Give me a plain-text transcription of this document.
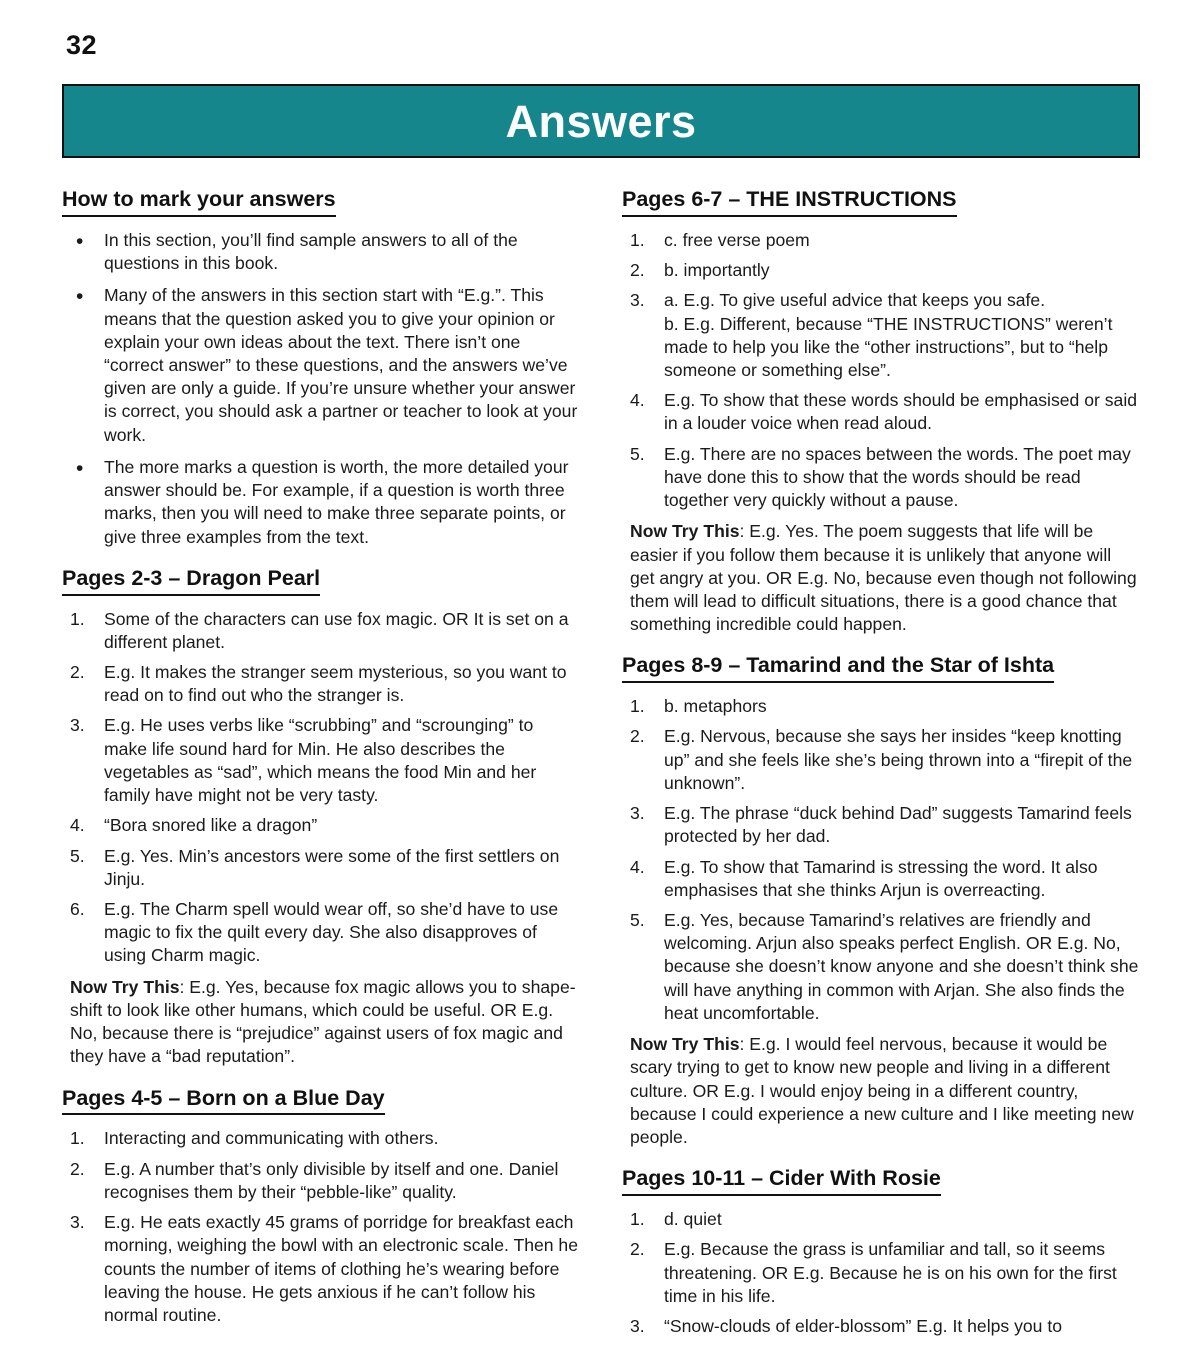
32
Answers
How to mark your answers
• In this section, you’ll find sample answers to all of the questions in this book.
• Many of the answers in this section start with “E.g.”. This means that the question asked you to give your opinion or explain your own ideas about the text. There isn’t one “correct answer” to these questions, and the answers we’ve given are only a guide. If you’re unsure whether your answer is correct, you should ask a partner or teacher to look at your work.
• The more marks a question is worth, the more detailed your answer should be. For example, if a question is worth three marks, then you will need to make three separate points, or give three examples from the text.
Pages 2-3 – Dragon Pearl
1.	Some of the characters can use fox magic. OR It is set on a different planet.
2.	E.g. It makes the stranger seem mysterious, so you want to read on to find out who the stranger is.
3.	E.g. He uses verbs like “scrubbing” and “scrounging” to make life sound hard for Min. He also describes the vegetables as “sad”, which means the food Min and her family have might not be very tasty.
4.	“Bora snored like a dragon”
5.	E.g. Yes. Min’s ancestors were some of the first settlers on Jinju.
6.	E.g. The Charm spell would wear off, so she’d have to use magic to fix the quilt every day. She also disapproves of using Charm magic.

Now Try This: E.g. Yes, because fox magic allows you to shape-shift to look like other humans, which could be useful. OR E.g. No, because there is “prejudice” against users of fox magic and they have a “bad reputation”.

Pages 4-5 – Born on a Blue Day
1.	Interacting and communicating with others.
2.	E.g. A number that’s only divisible by itself and one. Daniel recognises them by their “pebble-like” quality.
3.	E.g. He eats exactly 45 grams of porridge for breakfast each morning, weighing the bowl with an electronic scale. Then he counts the number of items of clothing he’s wearing before leaving the house. He gets anxious if he can’t follow his normal routine.
Pages 6-7 – THE INSTRUCTIONS
1.	c. free verse poem
2.	b. importantly
3.	a. E.g. To give useful advice that keeps you safe.
b. E.g. Different, because “THE INSTRUCTIONS” weren’t made to help you like the “other instructions”, but to “help someone or something else”.
4.	E.g. To show that these words should be emphasised or said in a louder voice when read aloud.
5.	E.g. There are no spaces between the words. The poet may have done this to show that the words should be read together very quickly without a pause.

Now Try This: E.g. Yes. The poem suggests that life will be easier if you follow them because it is unlikely that anyone will get angry at you. OR E.g. No, because even though not following them will lead to difficult situations, there is a good chance that something incredible could happen.

Pages 8-9 – Tamarind and the Star of Ishta
1.	b. metaphors
2.	E.g. Nervous, because she says her insides “keep knotting up” and she feels like she’s being thrown into a “firepit of the unknown”.
3.	E.g. The phrase “duck behind Dad” suggests Tamarind feels protected by her dad.
4.	E.g. To show that Tamarind is stressing the word. It also emphasises that she thinks Arjun is overreacting.
5.	E.g. Yes, because Tamarind’s relatives are friendly and welcoming. Arjun also speaks perfect English. OR E.g. No, because she doesn’t know anyone and she doesn’t think she will have anything in common with Arjan. She also finds the heat uncomfortable.

Now Try This: E.g. I would feel nervous, because it would be scary trying to get to know new people and living in a different culture. OR E.g. I would enjoy being in a different country, because I could experience a new culture and I like meeting new people.

Pages 10-11 – Cider With Rosie
1.	d. quiet
2.	E.g. Because the grass is unfamiliar and tall, so it seems threatening. OR E.g. Because he is on his own for the first time in his life.
3.	“Snow-clouds of elder-blossom” E.g. It helps you to
